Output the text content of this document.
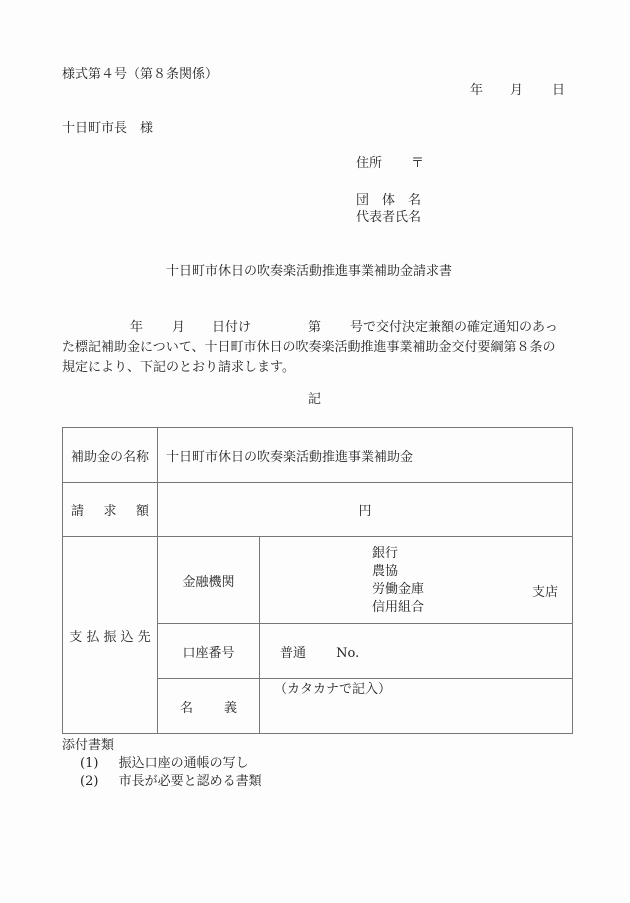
様式第４号（第８条関係）
年 月 日
十日町市長　様
住所 〒
団　体　名
代表者氏名
十日町市休日の吹奏楽活動推進事業補助金請求書
年 月 日付け	第 号で交付決定兼額の確定通知のあっ
た標記補助金について、十日町市休日の吹奏楽活動推進事業補助金交付要綱第８条の
規定により、下記のとおり請求します。
記
補助金の名称	十日町市休日の吹奏楽活動推進事業補助金	

請 求 額	円	
支 払 振 込 先	金融機関	銀行
農協
労働金庫
信用組合
支店

	口座番号	普通 No.

	名 義	（カタカナで記入）
添付書類
(1) 振込口座の通帳の写し
(2) 市長が必要と認める書類
